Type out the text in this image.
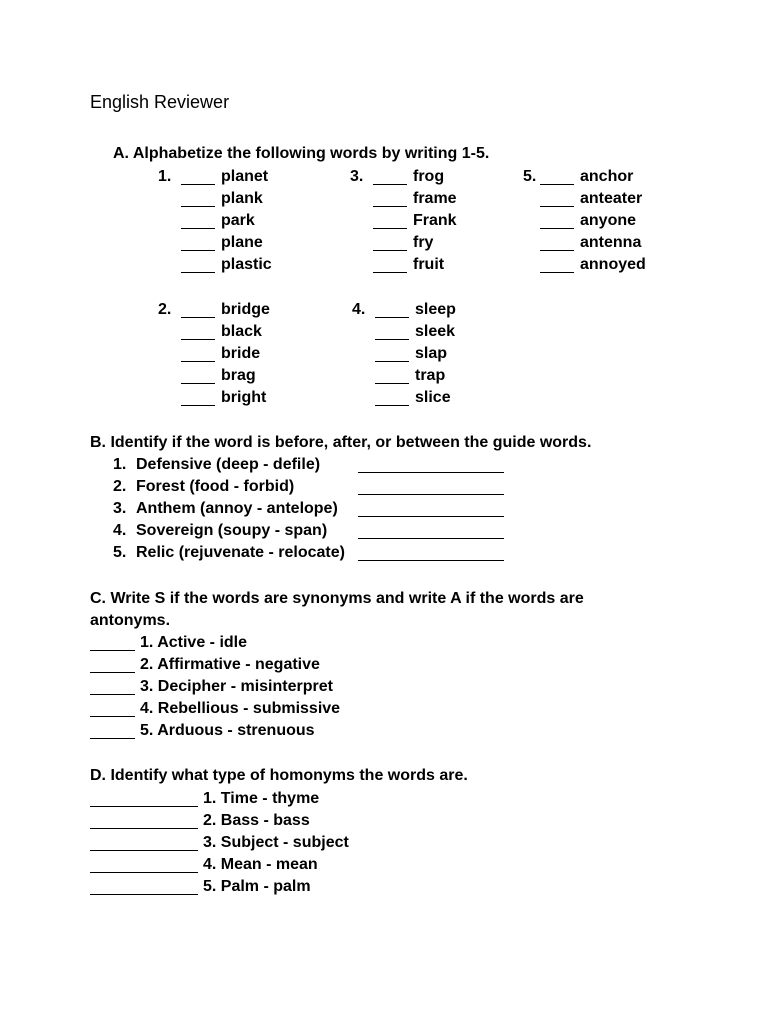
English Reviewer
A. Alphabetize the following words by writing 1-5.
1.	planet
plank
park
plane
plastic
2.	bridge
black
bride
brag
bright
3.	frog
frame
Frank
fry
fruit
4.	sleep
sleek
slap
trap
slice
5.	anchor
anteater
anyone
antenna
annoyed
B. Identify if the word is before, after, or between the guide words.
1. Defensive (deep - defile)
2. Forest (food - forbid)
3. Anthem (annoy - antelope)
4. Sovereign (soupy - span)
5. Relic (rejuvenate - relocate)
C. Write S if the words are synonyms and write A if the words are
antonyms.
1. Active - idle
2. Affirmative - negative
3. Decipher - misinterpret
4. Rebellious - submissive
5. Arduous - strenuous
D. Identify what type of homonyms the words are.
1. Time - thyme
2. Bass - bass
3. Subject - subject
4. Mean - mean
5. Palm - palm
